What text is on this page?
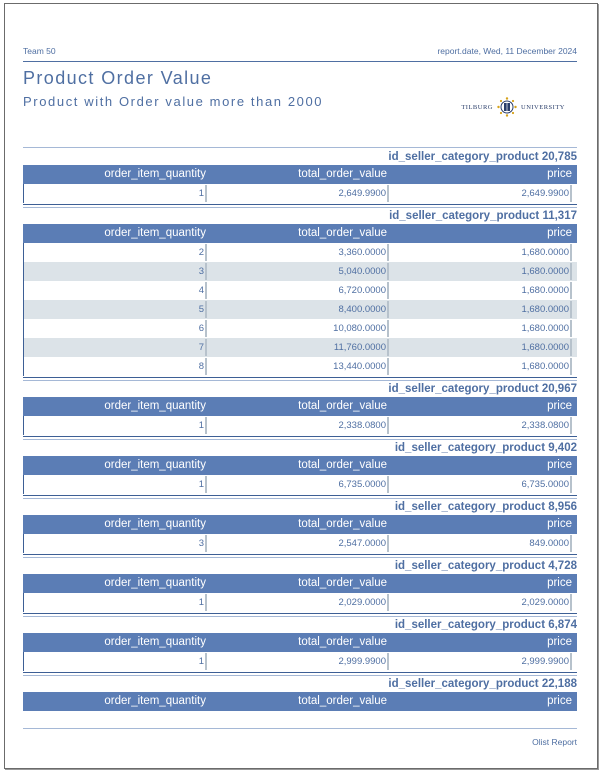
Team 50	report.date, Wed, 11 December 2024
Product Order Value
Product with Order value more than 2000	TILBURG	UNIVERSITY
id_seller_category_product 20,785
order_item_quantity	total_order_value	price
1	2,649.9900	2,649.9900
id_seller_category_product 11,317
order_item_quantity	total_order_value	price
2	3,360.0000	1,680.0000
3	5,040.0000	1,680.0000
4	6,720.0000	1,680.0000
5	8,400.0000	1,680.0000
6	10,080.0000	1,680.0000
7	11,760.0000	1,680.0000
8	13,440.0000	1,680.0000
id_seller_category_product 20,967
order_item_quantity	total_order_value	price
1	2,338.0800	2,338.0800
id_seller_category_product 9,402
order_item_quantity	total_order_value	price
1	6,735.0000	6,735.0000
id_seller_category_product 8,956
order_item_quantity	total_order_value	price
3	2,547.0000	849.0000
id_seller_category_product 4,728
order_item_quantity	total_order_value	price
1	2,029.0000	2,029.0000
id_seller_category_product 6,874
order_item_quantity	total_order_value	price
1	2,999.9900	2,999.9900
id_seller_category_product 22,188
order_item_quantity	total_order_value	price
Olist Report
